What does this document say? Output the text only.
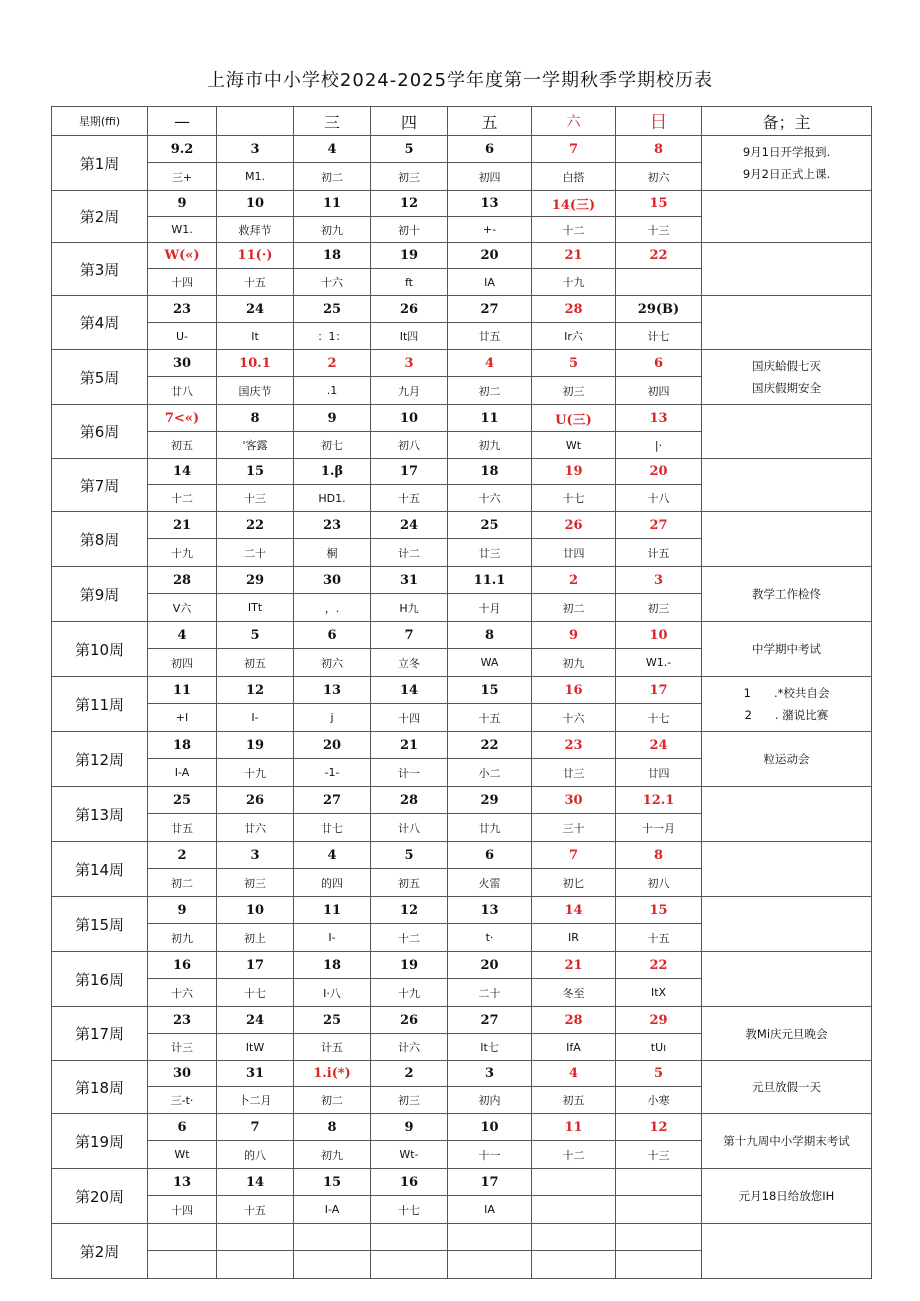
上海市中小学校2024-2025学年度第一学期秋季学期校历表
星期(ffi)	—		三	四	五	六	日	备；主
第1周	9.2	3	4	5	6	7	8	9月1日开学报到.
9月2日正式上课.

	三+	M1.	初二	初三	初四	白搭	初六	
第2周	9	10	11	12	13	14(三)	15	
	W1.	救拜节	初九	初十	+-	十二	十三	
第3周	W(«)	11(·)	18	19	20	21	22	
	十四	十五	十六	ft	IA	十九		
第4周	23	24	25	26	27	28	29(B)	
	U-	It	：1：	It四	廿五	Ir六	计七	
第5周	30	10.1	2	3	4	5	6	国庆蛤假七灭
国庆假期安全

	廿八	国庆节	.1	九月	初二	初三	初四	
第6周	7<«)	8	9	10	11	U(三)	13	
	初五	'客露	初七	初八	初九	Wt	|·	
第7周	14	15	1.β	17	18	19	20	
	十二	十三	HD1.	十五	十六	十七	十八	
第8周	21	22	23	24	25	26	27	
	十九	二十	桐	计二	廿三	廿四	计五	
第9周	28	29	30	31	11.1	2	3	教学工作检佟

	V六	ITt	，.	H九	十月	初二	初三	
第10周	4	5	6	7	8	9	10	中学期中考试

	初四	初五	初六	立冬	WA	初九	W1.-	
第11周	11	12	13	14	15	16	17	1　　.*校共自会
2　　. 潴说比赛

	+I	I-	j	十四	十五	十六	十七	
第12周	18	19	20	21	22	23	24	粒运动会

	I-A	十九	-1-	计一	小二	廿三	廿四	
第13周	25	26	27	28	29	30	12.1	
	廿五	廿六	廿七	计八	廿九	三十	十一月	
第14周	2	3	4	5	6	7	8	
	初二	初三	的四	初五	火雷	初匕	初八	
第15周	9	10	11	12	13	14	15	
	初九	初上	I-	十二	t·	IR	十五	
第16周	16	17	18	19	20	21	22	
	十六	十七	I·八	十九	二十	冬至	ItX	
第17周	23	24	25	26	27	28	29	教Mi庆元旦晚会

	计三	ItW	计五	计六	It七	IfA	tUı	
第18周	30	31	1.i(*)	2	3	4	5	元旦放假一天

	三-t·	卜二月	初二	初三	初内	初五	小寒	
第19周	6	7	8	9	10	11	12	第十九周中小学期末考试

	Wt	的八	初九	Wt-	十一	十二	十三	
第20周	13	14	15	16	17			元月18日给放您IH

	十四	十五	I-A	十七	IA			
第2周								
